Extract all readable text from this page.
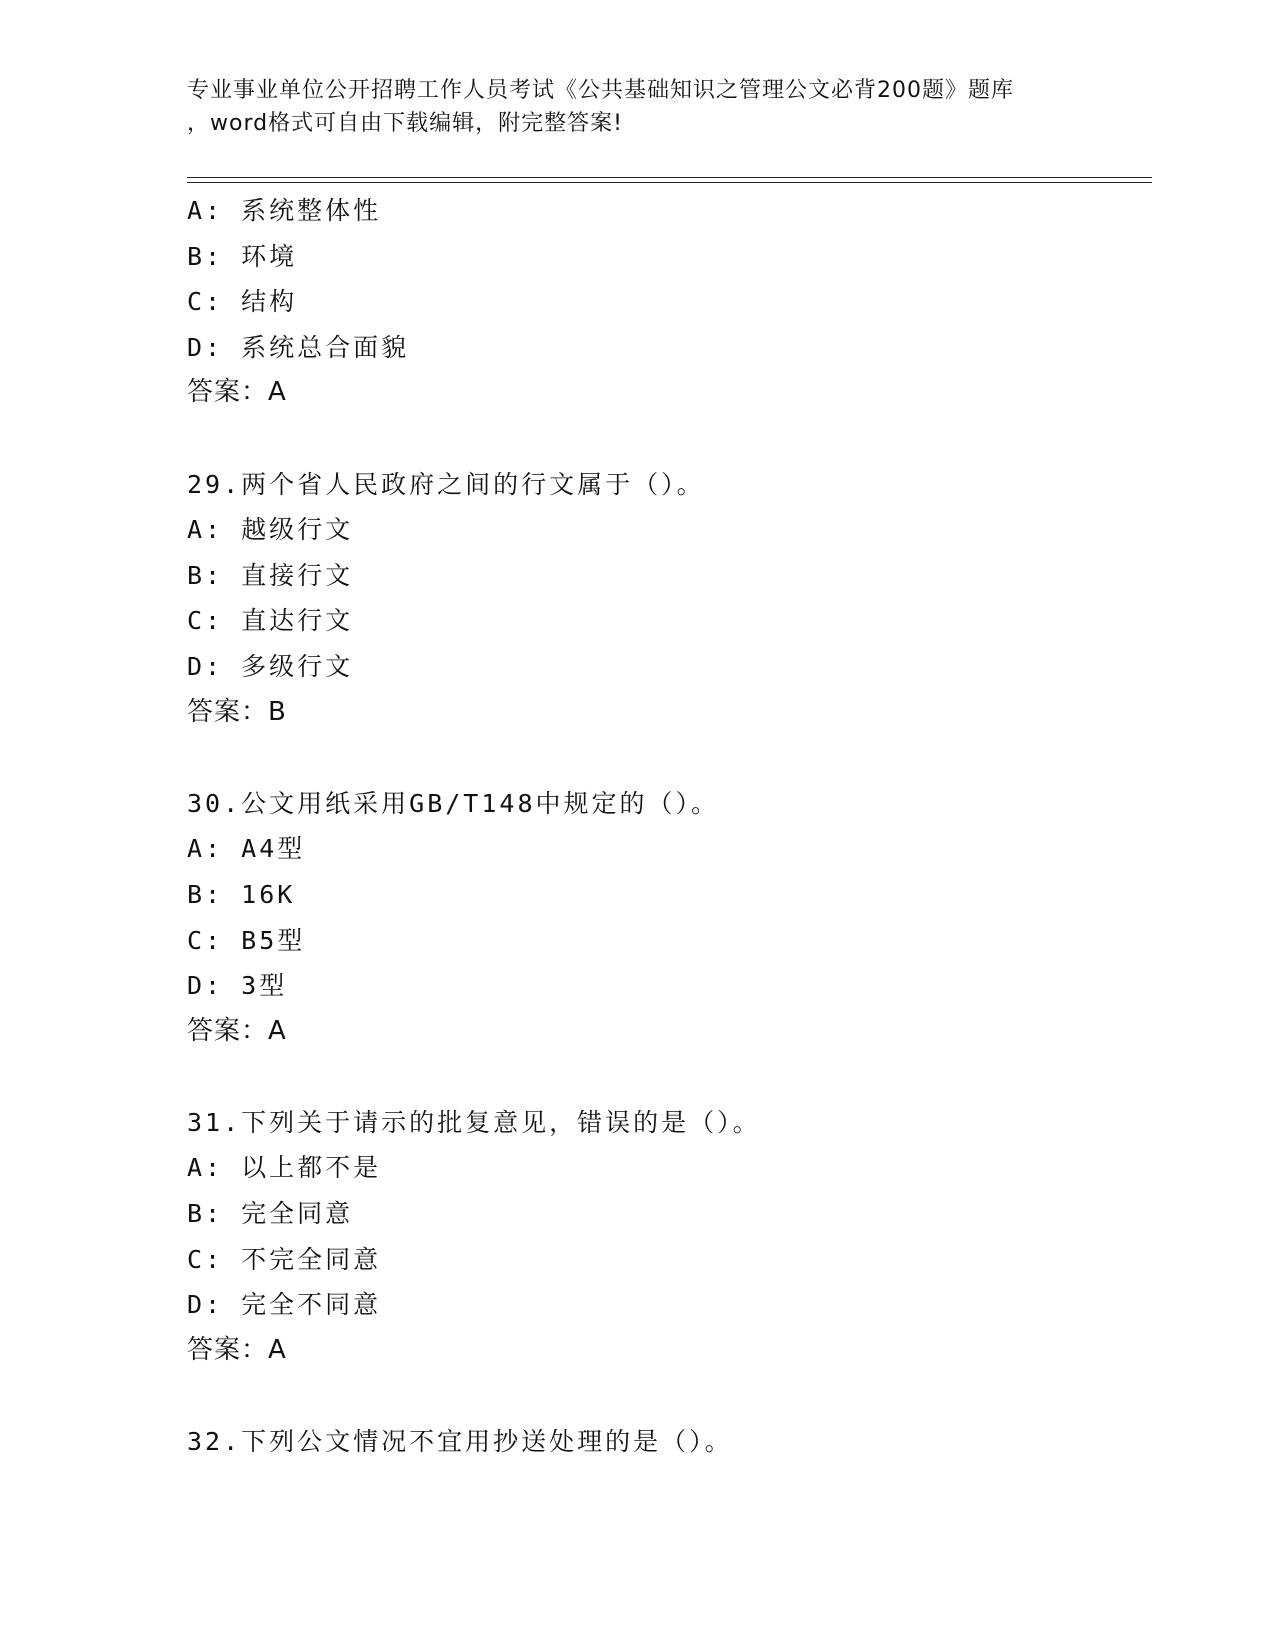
专业事业单位公开招聘工作人员考试《公共基础知识之管理公文必背200题》题库
，word格式可自由下载编辑，附完整答案!
A: 系统整体性
B: 环境
C: 结构
D: 系统总合面貌
答案：A
29.两个省人民政府之间的行文属于（）。
A: 越级行文
B: 直接行文
C: 直达行文
D: 多级行文
答案：B
30.公文用纸采用GB/T148中规定的（）。
A: A4型
B: 16K
C: B5型
D: 3型
答案：A
31.下列关于请示的批复意见，错误的是（）。
A: 以上都不是
B: 完全同意
C: 不完全同意
D: 完全不同意
答案：A
32.下列公文情况不宜用抄送处理的是（）。
